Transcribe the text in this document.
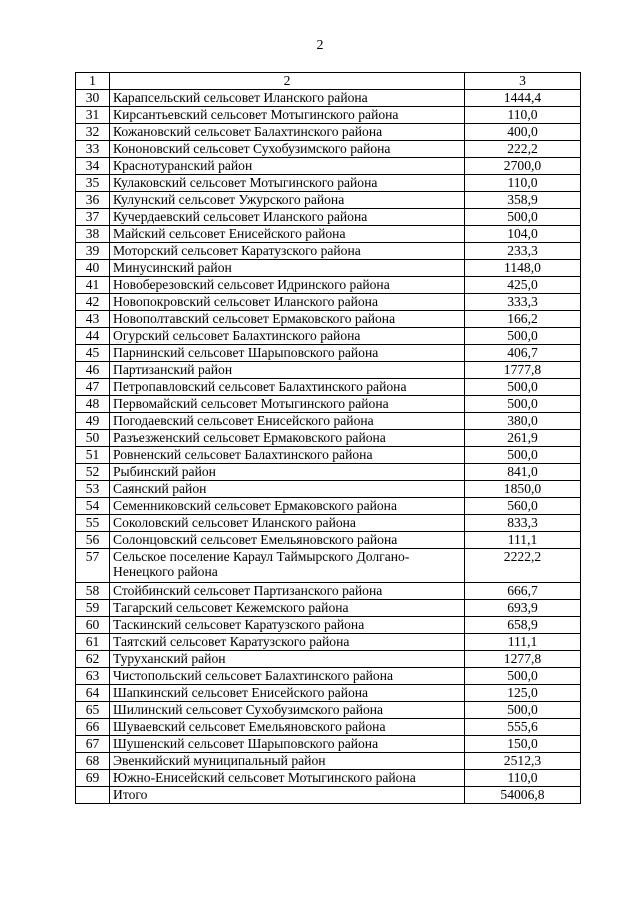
2
1	2	3
30	Карапсельский сельсовет Иланского района	1444,4
31	Кирсантьевский сельсовет Мотыгинского района	110,0
32	Кожановский сельсовет Балахтинского района	400,0
33	Кононовский сельсовет Сухобузимского района	222,2
34	Краснотуранский район	2700,0
35	Кулаковский сельсовет Мотыгинского района	110,0
36	Кулунский сельсовет Ужурского района	358,9
37	Кучердаевский сельсовет Иланского района	500,0
38	Майский сельсовет Енисейского района	104,0
39	Моторский сельсовет Каратузского района	233,3
40	Минусинский район	1148,0
41	Новоберезовский сельсовет Идринского района	425,0
42	Новопокровский сельсовет Иланского района	333,3
43	Новополтавский сельсовет Ермаковского района	166,2
44	Огурский сельсовет Балахтинского района	500,0
45	Парнинский сельсовет Шарыповского района	406,7
46	Партизанский район	1777,8
47	Петропавловский сельсовет Балахтинского района	500,0
48	Первомайский сельсовет Мотыгинского района	500,0
49	Погодаевский сельсовет Енисейского района	380,0
50	Разъезженский сельсовет Ермаковского района	261,9
51	Ровненский сельсовет Балахтинского района	500,0
52	Рыбинский район	841,0
53	Саянский район	1850,0
54	Семенниковский сельсовет Ермаковского района	560,0
55	Соколовский сельсовет Иланского района	833,3
56	Солонцовский сельсовет Емельяновского района	111,1
57	Сельское поселение Караул Таймырского Долгано-Ненецкого района	2222,2
58	Стойбинский сельсовет Партизанского района	666,7
59	Тагарский сельсовет Кежемского района	693,9
60	Таскинский сельсовет Каратузского района	658,9
61	Таятский сельсовет Каратузского района	111,1
62	Туруханский район	1277,8
63	Чистопольский сельсовет Балахтинского района	500,0
64	Шапкинский сельсовет Енисейского района	125,0
65	Шилинский сельсовет Сухобузимского района	500,0
66	Шуваевский сельсовет Емельяновского района	555,6
67	Шушенский сельсовет Шарыповского района	150,0
68	Эвенкийский муниципальный район	2512,3
69	Южно-Енисейский сельсовет Мотыгинского района	110,0
	Итого	54006,8
